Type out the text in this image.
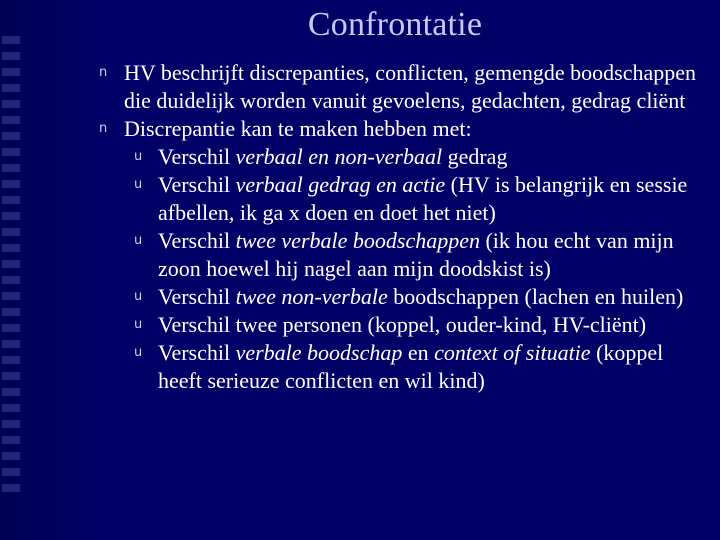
Confrontatie
n HV beschrijft discrepanties, conflicten, gemengde boodschappen die duidelijk worden vanuit gevoelens, gedachten, gedrag cliënt
n Discrepantie kan te maken hebben met:
u Verschil verbaal en non-verbaal gedrag
u Verschil verbaal gedrag en actie (HV is belangrijk en sessie afbellen, ik ga x doen en doet het niet)
u Verschil twee verbale boodschappen (ik hou echt van mijn zoon hoewel hij nagel aan mijn doodskist is)
u Verschil twee non-verbale boodschappen (lachen en huilen)
u Verschil twee personen (koppel, ouder-kind, HV-cliënt)
u Verschil verbale boodschap en context of situatie (koppel heeft serieuze conflicten en wil kind)
